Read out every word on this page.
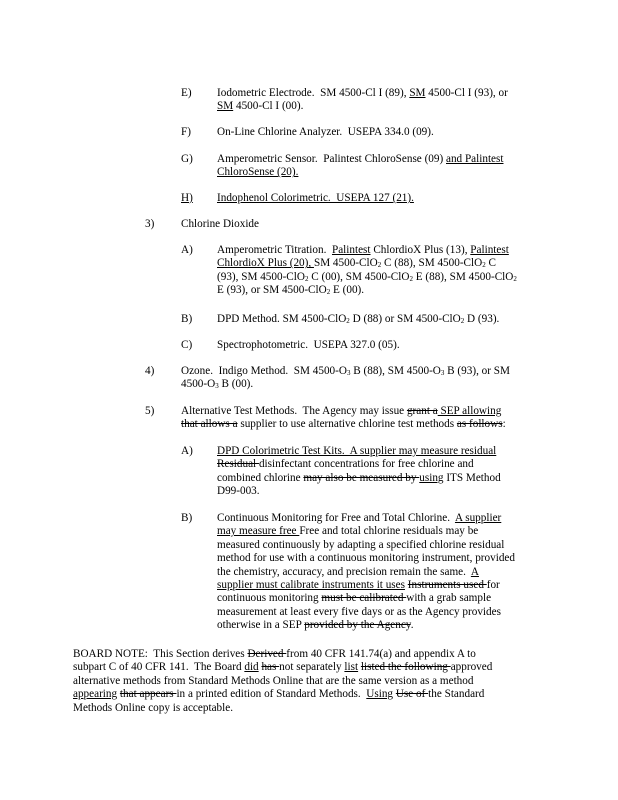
E) Iodometric Electrode.  SM 4500-Cl I (89), SM 4500-Cl I (93), or
SM 4500-Cl I (00).
F) On-Line Chlorine Analyzer.  USEPA 334.0 (09).
G) Amperometric Sensor.  Palintest ChloroSense (09) and Palintest
ChloroSense (20).
H) Indophenol Colorimetric.  USEPA 127 (21).
3) Chlorine Dioxide
A) Amperometric Titration.  Palintest ChlordioX Plus (13), Palintest
ChlordioX Plus (20), SM 4500-ClO$_2$ C (88), SM 4500-ClO$_2$ C
(93), SM 4500-ClO$_2$ C (00), SM 4500-ClO$_2$ E (88), SM 4500-ClO$_2$
E (93), or SM 4500-ClO$_2$ E (00).
B) DPD Method. SM 4500-ClO$_2$ D (88) or SM 4500-ClO$_2$ D (93).
C) Spectrophotometric.  USEPA 327.0 (05).
4) Ozone.  Indigo Method.  SM $4500-O_3$ B (88), SM $4500-O_3$ B (93), or SM
$4500-O_3$ B (00).
5) Alternative Test Methods.  The Agency may issue grant a SEP allowing
that allows a supplier to use alternative chlorine test methods as follows:
A) DPD Colorimetric Test Kits.  A supplier may measure residual
Residual disinfectant concentrations for free chlorine and
combined chlorine may also be measured by using ITS Method
D99-003.
B) Continuous Monitoring for Free and Total Chlorine.  A supplier
may measure free Free and total chlorine residuals may be
measured continuously by adapting a specified chlorine residual
method for use with a continuous monitoring instrument, provided
the chemistry, accuracy, and precision remain the same.  A
supplier must calibrate instruments it uses Instruments used for
continuous monitoring must be calibrated with a grab sample
measurement at least every five days or as the Agency provides
otherwise in a SEP provided by the Agency.
BOARD NOTE:  This Section derives Derived from 40 CFR 141.74(a) and appendix A to
subpart C of 40 CFR 141.  The Board did has not separately list listed the following approved
alternative methods from Standard Methods Online that are the same version as a method
appearing that appears in a printed edition of Standard Methods.  Using Use of the Standard
Methods Online copy is acceptable.
